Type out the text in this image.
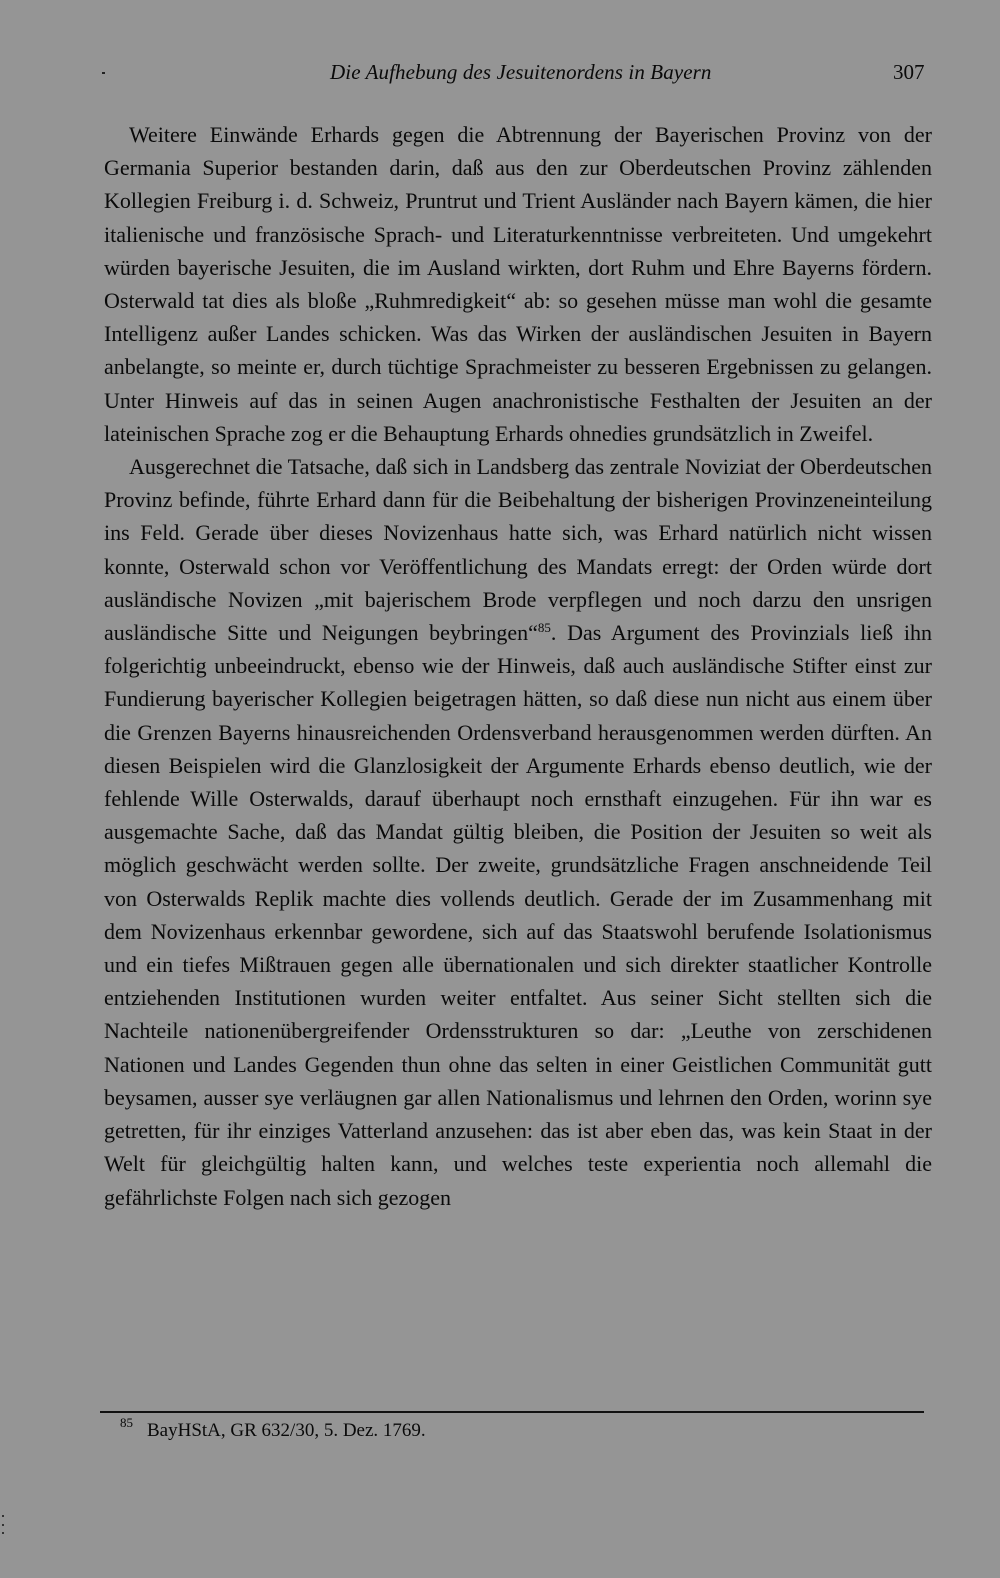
Die Aufhebung des Jesuitenordens in Bayern	307

Weitere Einwände Erhards gegen die Abtrennung der Bayerischen Provinz von der Germania Superior bestanden darin, daß aus den zur Oberdeutschen Provinz zählenden Kollegien Freiburg i. d. Schweiz, Pruntrut und Trient Ausländer nach Bayern kämen, die hier italienische und französische Sprach- und Literaturkenntnisse verbreiteten. Und umgekehrt würden bayerische Jesuiten, die im Ausland wirkten, dort Ruhm und Ehre Bayerns fördern. Osterwald tat dies als bloße „Ruhmredigkeit“ ab: so gesehen müsse man wohl die gesamte Intelligenz außer Landes schicken. Was das Wirken der ausländischen Jesuiten in Bayern anbelangte, so meinte er, durch tüchtige Sprachmeister zu besseren Ergebnissen zu gelangen. Unter Hinweis auf das in seinen Augen anachronistische Festhalten der Jesuiten an der lateinischen Sprache zog er die Behauptung Erhards ohnedies grundsätzlich in Zweifel.

Ausgerechnet die Tatsache, daß sich in Landsberg das zentrale Noviziat der Oberdeutschen Provinz befinde, führte Erhard dann für die Beibehaltung der bisherigen Provinzeneinteilung ins Feld. Gerade über dieses Novizenhaus hatte sich, was Erhard natürlich nicht wissen konnte, Osterwald schon vor Veröffentlichung des Mandats erregt: der Orden würde dort ausländische Novizen „mit bajerischem Brode verpflegen und noch darzu den unsrigen ausländische Sitte und Neigungen beybringen“$^{85}$. Das Argument des Provinzials ließ ihn folgerichtig unbeeindruckt, ebenso wie der Hinweis, daß auch ausländische Stifter einst zur Fundierung bayerischer Kollegien beigetragen hätten, so daß diese nun nicht aus einem über die Grenzen Bayerns hinausreichenden Ordensverband herausgenommen werden dürften. An diesen Beispielen wird die Glanzlosigkeit der Argumente Erhards ebenso deutlich, wie der fehlende Wille Osterwalds, darauf überhaupt noch ernsthaft einzugehen. Für ihn war es ausgemachte Sache, daß das Mandat gültig bleiben, die Position der Jesuiten so weit als möglich geschwächt werden sollte. Der zweite, grundsätzliche Fragen anschneidende Teil von Osterwalds Replik machte dies vollends deutlich. Gerade der im Zusammenhang mit dem Novizenhaus erkennbar gewordene, sich auf das Staatswohl berufende Isolationismus und ein tiefes Mißtrauen gegen alle übernationalen und sich direkter staatlicher Kontrolle entziehenden Institutionen wurden weiter entfaltet. Aus seiner Sicht stellten sich die Nachteile nationenübergreifender Ordensstrukturen so dar: „Leuthe von zerschidenen Nationen und Landes Gegenden thun ohne das selten in einer Geistlichen Communität gutt beysamen, ausser sye verläugnen gar allen Nationalismus und lehrnen den Orden, worinn sye getretten, für ihr einziges Vatterland anzusehen: das ist aber eben das, was kein Staat in der Welt für gleichgültig halten kann, und welches teste experientia noch allemahl die gefährlichste Folgen nach sich gezogen

$^{85}$ BayHStA, GR 632/30, 5. Dez. 1769.
